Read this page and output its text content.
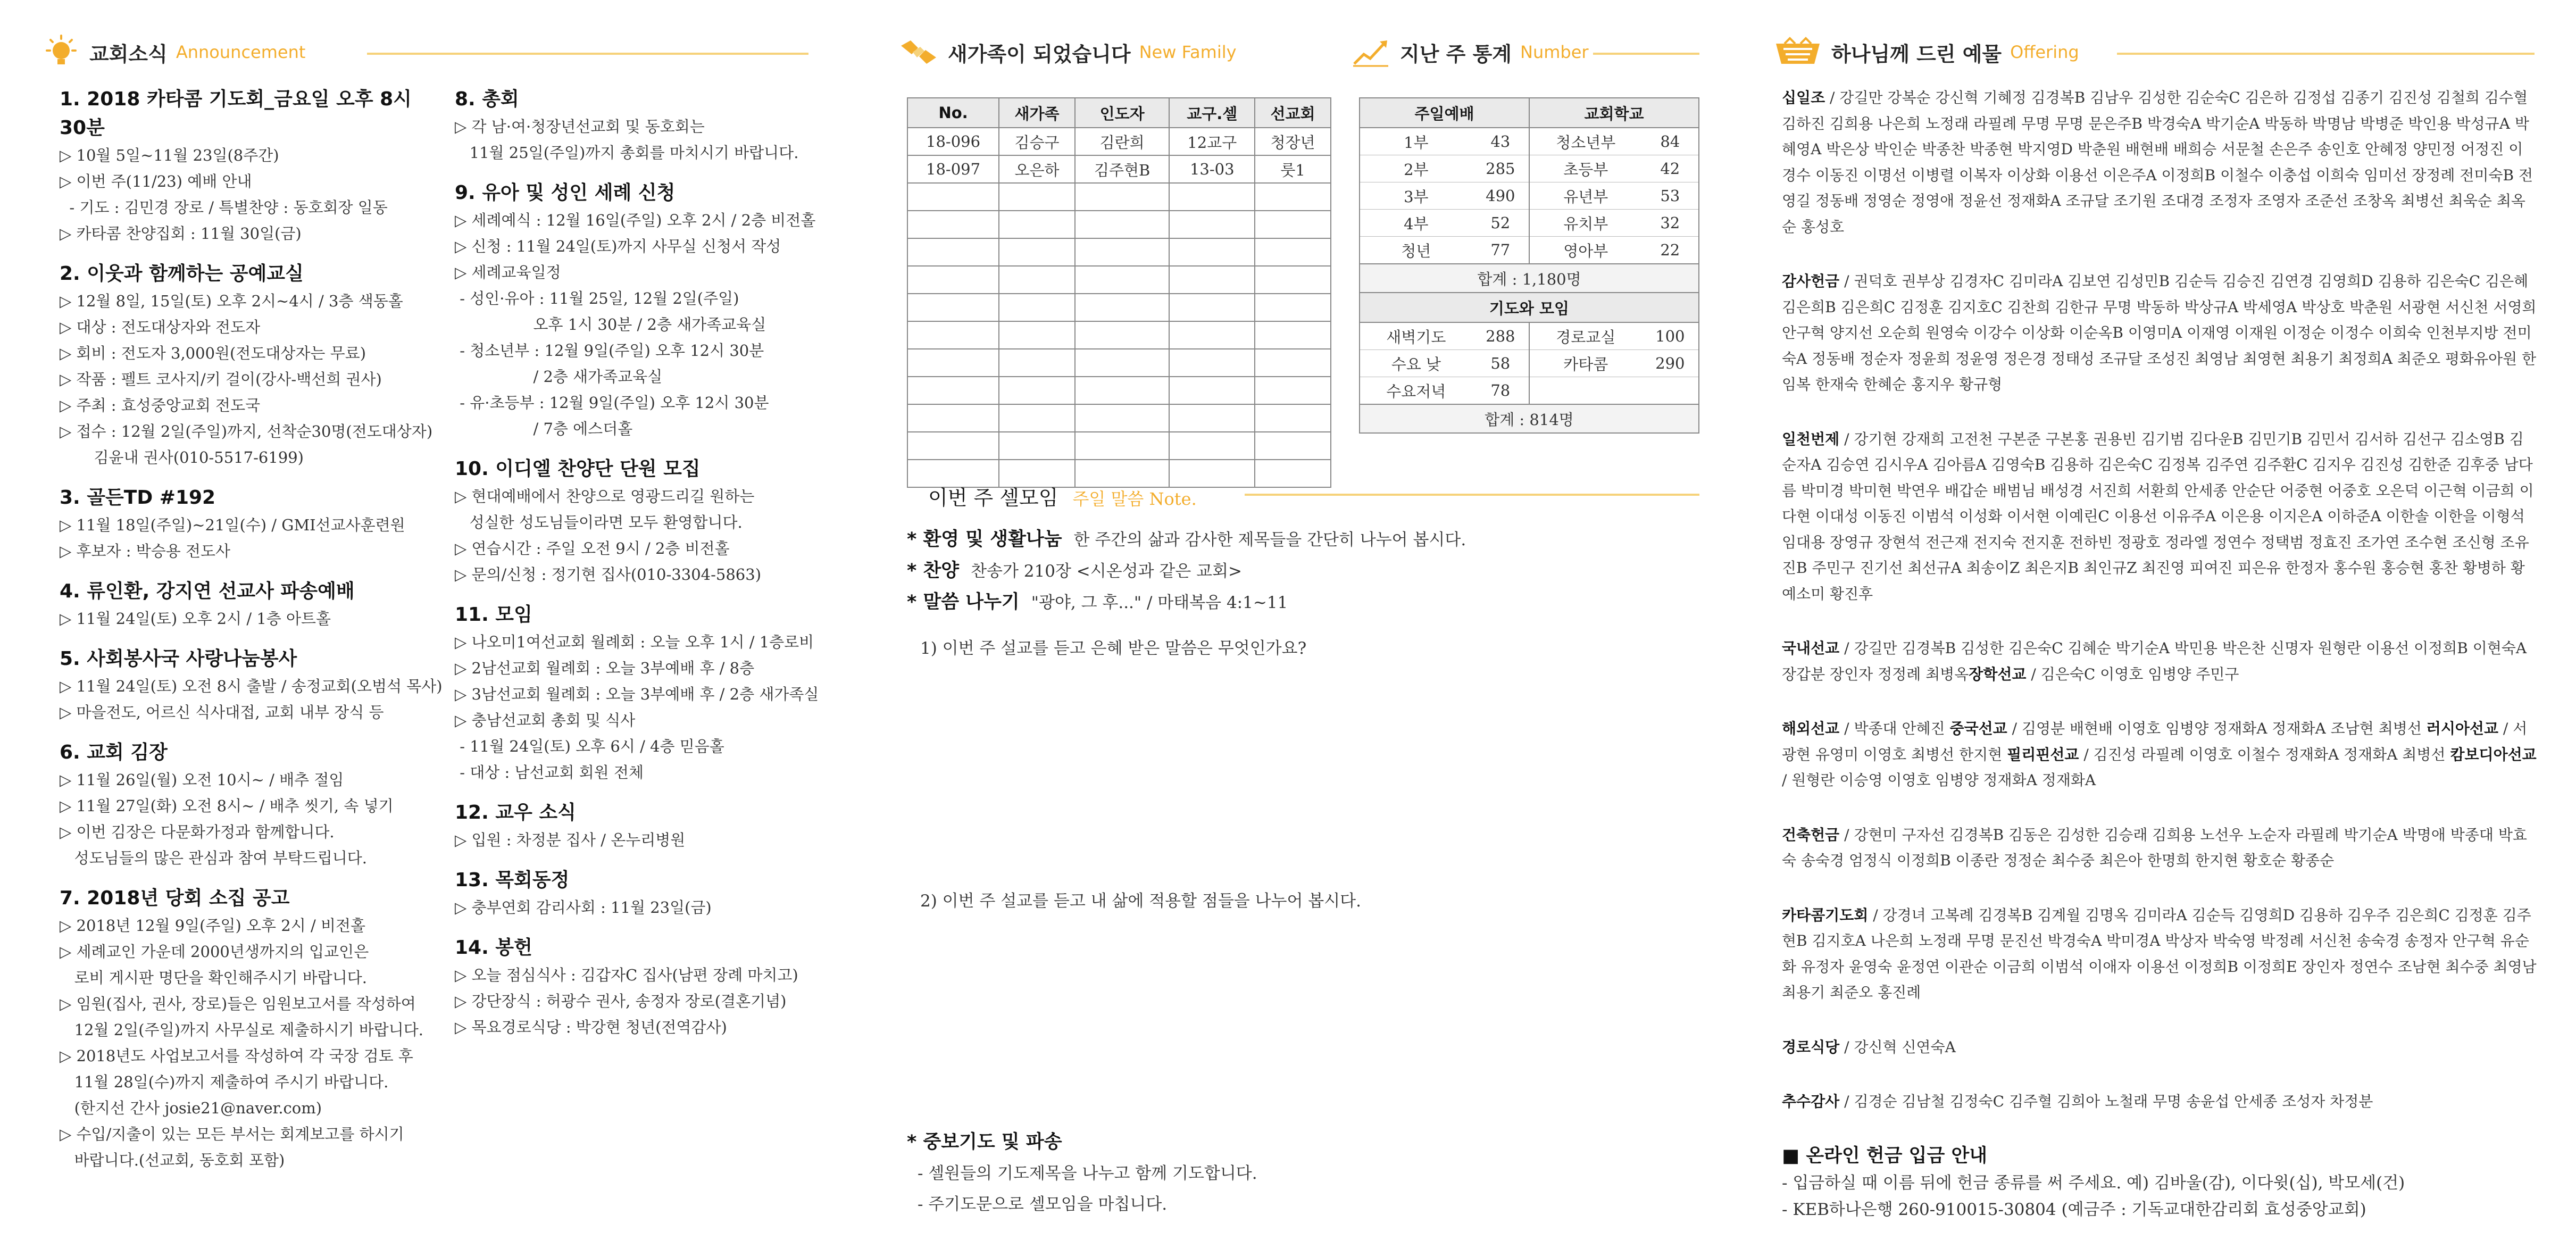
교회소식 Announcement
1. 2018 카타콤 기도회_금요일 오후 8시 30분
▷ 10월 5일~11월 23일(8주간)
▷ 이번 주(11/23) 예배 안내
- 기도 : 김민경 장로 / 특별찬양 : 동호회장 일동
▷ 카타콤 찬양집회 : 11월 30일(금)
2. 이웃과 함께하는 공예교실
▷ 12월 8일, 15일(토) 오후 2시~4시 / 3층 색동홀
▷ 대상 : 전도대상자와 전도자
▷ 회비 : 전도자 3,000원(전도대상자는 무료)
▷ 작품 : 펠트 코사지/키 걸이(강사-백선희 권사)
▷ 주최 : 효성중앙교회 전도국
▷ 접수 : 12월 2일(주일)까지, 선착순30명(전도대상자)
김윤내 권사(010-5517-6199)
3. 골든TD #192
▷ 11월 18일(주일)~21일(수) / GMI선교사훈련원
▷ 후보자 : 박승용 전도사
4. 류인환, 강지연 선교사 파송예배
▷ 11월 24일(토) 오후 2시 / 1층 아트홀
5. 사회봉사국 사랑나눔봉사
▷ 11월 24일(토) 오전 8시 출발 / 송정교회(오범석 목사)
▷ 마을전도, 어르신 식사대접, 교회 내부 장식 등
6. 교회 김장
▷ 11월 26일(월) 오전 10시~ / 배추 절임
▷ 11월 27일(화) 오전 8시~ / 배추 씻기, 속 넣기
▷ 이번 김장은 다문화가정과 함께합니다.
성도님들의 많은 관심과 참여 부탁드립니다.
7. 2018년 당회 소집 공고
▷ 2018년 12월 9일(주일) 오후 2시 / 비전홀
▷ 세례교인 가운데 2000년생까지의 입교인은
로비 게시판 명단을 확인해주시기 바랍니다.
▷ 임원(집사, 권사, 장로)들은 임원보고서를 작성하여
12월 2일(주일)까지 사무실로 제출하시기 바랍니다.
▷ 2018년도 사업보고서를 작성하여 각 국장 검토 후
11월 28일(수)까지 제출하여 주시기 바랍니다.
(한지선 간사 josie21@naver.com)
▷ 수입/지출이 있는 모든 부서는 회계보고를 하시기
바랍니다.(선교회, 동호회 포함)
8. 총회
▷ 각 남·여·청장년선교회 및 동호회는
11월 25일(주일)까지 총회를 마치시기 바랍니다.
9. 유아 및 성인 세례 신청
▷ 세례예식 : 12월 16일(주일) 오후 2시 / 2층 비전홀
▷ 신청 : 11월 24일(토)까지 사무실 신청서 작성
▷ 세례교육일정
- 성인·유아 : 11월 25일, 12월 2일(주일)
오후 1시 30분 / 2층 새가족교육실
- 청소년부 : 12월 9일(주일) 오후 12시 30분
/ 2층 새가족교육실
- 유·초등부 : 12월 9일(주일) 오후 12시 30분
/ 7층 에스더홀
10. 이디엘 찬양단 단원 모집
▷ 현대예배에서 찬양으로 영광드리길 원하는
성실한 성도님들이라면 모두 환영합니다.
▷ 연습시간 : 주일 오전 9시 / 2층 비전홀
▷ 문의/신청 : 정기현 집사(010-3304-5863)
11. 모임
▷ 나오미1여선교회 월례회 : 오늘 오후 1시 / 1층로비
▷ 2남선교회 월례회 : 오늘 3부예배 후 / 8층
▷ 3남선교회 월례회 : 오늘 3부예배 후 / 2층 새가족실
▷ 충남선교회 총회 및 식사
- 11월 24일(토) 오후 6시 / 4층 믿음홀
- 대상 : 남선교회 회원 전체
12. 교우 소식
▷ 입원 : 차정분 집사 / 온누리병원
13. 목회동정
▷ 충부연회 감리사회 : 11월 23일(금)
14. 봉헌
▷ 오늘 점심식사 : 김갑자C 집사(남편 장례 마치고)
▷ 강단장식 : 허광수 권사, 송정자 장로(결혼기념)
▷ 목요경로식당 : 박강현 청년(전역감사)
새가족이 되었습니다 New Family
No.	새가족	인도자	교구.셀	선교회
18-096	김승구	김란희	12교구	청장년
18-097	오은하	김주현B	13-03	룻1

지난 주 통계 Number
주일예배		교회학교	
1부	43	청소년부	84
2부	285	초등부	42
3부	490	유년부	53
4부	52	유치부	32
청년	77	영아부	22
합계 : 1,180명			
기도와 모임			
새벽기도	288	경로교실	100
수요 낮	58	카타콤	290
수요저녁	78		
합계 : 814명			
이번 주 셀모임 주일 말씀 Note.
* 환영 및 생활나눔 한 주간의 삶과 감사한 제목들을 간단히 나누어 봅시다.
* 찬양 찬송가 210장 <시온성과 같은 교회>
* 말씀 나누기 "광야, 그 후..." / 마태복음 4:1~11
1) 이번 주 설교를 듣고 은혜 받은 말씀은 무엇인가요?
2) 이번 주 설교를 듣고 내 삶에 적용할 점들을 나누어 봅시다.
* 중보기도 및 파송
- 셀원들의 기도제목을 나누고 함께 기도합니다.
- 주기도문으로 셀모임을 마칩니다.
하나님께 드린 예물 Offering

십일조 / 강길만 강복순 강신혁 기혜정 김경복B 김남우 김성한 김순숙C 김은하 김정섭 김종기 김진성 김철희 김수혈 김하진 김희용 나은희 노정래 라필례 무명 무명 문은주B 박경숙A 박기순A 박동하 박명남 박병준 박인용 박성규A 박혜영A 박은상 박인순 박종찬 박종현 박지영D 박춘원 배현배 배희승 서문철 손은주 송인호 안혜정 양민정 어정진 이경수 이동진 이명선 이병렬 이복자 이상화 이용선 이은주A 이정희B 이철수 이충섭 이희숙 임미선 장정례 전미숙B 전영길 정동배 정영순 정영애 정윤선 정재화A 조규달 조기원 조대경 조정자 조영자 조준선 조창옥 최병선 최욱순 최옥순 홍성호

감사헌금 / 권덕호 권부상 김경자C 김미라A 김보연 김성민B 김순득 김승진 김연경 김영희D 김용하 김은숙C 김은혜 김은희B 김은희C 김정훈 김지호C 김찬희 김한규 무명 박동하 박상규A 박세영A 박상호 박춘원 서광현 서신천 서영희 안구혁 양지선 오순희 원영숙 이강수 이상화 이순옥B 이영미A 이재영 이재원 이정순 이정수 이희숙 인천부지방 전미숙A 정동배 정순자 정윤희 정윤영 정은경 정태성 조규달 조성진 최영남 최영현 최용기 최정희A 최준오 평화유아원 한임복 한재숙 한혜순 홍지우 황규형

일천번제 / 강기현 강재희 고전천 구본준 구본홍 권용빈 김기범 김다운B 김민기B 김민서 김서하 김선구 김소영B 김순자A 김승연 김시우A 김아름A 김영숙B 김용하 김은숙C 김정복 김주연 김주환C 김지우 김진성 김한준 김후중 남다름 박미경 박미현 박연우 배갑순 배범님 배성경 서진희 서환희 안세종 안순단 어중현 어중호 오은덕 이근혁 이금희 이다현 이대성 이동진 이범석 이성화 이서현 이예린C 이용선 이유주A 이은용 이지은A 이하준A 이한솔 이한을 이형석 임대용 장영규 장현석 전근재 전지숙 전지훈 전하빈 정광호 정라엘 정연수 정택범 정효진 조가연 조수현 조신형 조유진B 주민구 진기선 최선규A 최송이Z 최은지B 최인규Z 최진영 피여진 피은유 한정자 홍수원 홍승현 홍찬 황병하 황예소미 황진후

국내선교 / 강길만 김경복B 김성한 김은숙C 김혜순 박기순A 박민용 박은찬 신명자 원형란 이용선 이정희B 이현숙A 장갑분 장인자 정정례 최병옥장학선교 / 김은숙C 이영호 임병양 주민구

해외선교 / 박종대 안혜진 중국선교 / 김영분 배현배 이영호 임병양 정재화A 정재화A 조남현 최병선 러시아선교 / 서광현 유영미 이영호 최병선 한지현 필리핀선교 / 김진성 라필례 이영호 이철수 정재화A 정재화A 최병선 캄보디아선교 / 원형란 이승영 이영호 임병양 정재화A 정재화A

건축헌금 / 강현미 구자선 김경복B 김동은 김성한 김승래 김희용 노선우 노순자 라필례 박기순A 박명애 박종대 박효숙 송숙경 엄정식 이정희B 이종란 정정순 최수중 최은아 한명희 한지현 황호순 황종순

카타콤기도회 / 강경녀 고복례 김경복B 김계월 김명옥 김미라A 김순득 김영희D 김용하 김우주 김은희C 김정훈 김주현B 김지호A 나은희 노정래 무명 문진선 박경숙A 박미경A 박상자 박숙영 박정례 서신천 송숙경 송정자 안구혁 유순화 유정자 윤영숙 윤정연 이관순 이금희 이범석 이애자 이용선 이정희B 이정희E 장인자 정연수 조남현 최수중 최영남 최용기 최준오 홍진례

경로식당 / 강신혁 신연숙A

추수감사 / 김경순 김남철 김정숙C 김주혈 김희아 노철래 무명 송윤섭 안세종 조성자 차정분

■ 온라인 헌금 입금 안내
- 입금하실 때 이름 뒤에 헌금 종류를 써 주세요. 예) 김바울(감), 이다윗(십), 박모세(건)
- KEB하나은행 260-910015-30804 (예금주 : 기독교대한감리회 효성중앙교회)
